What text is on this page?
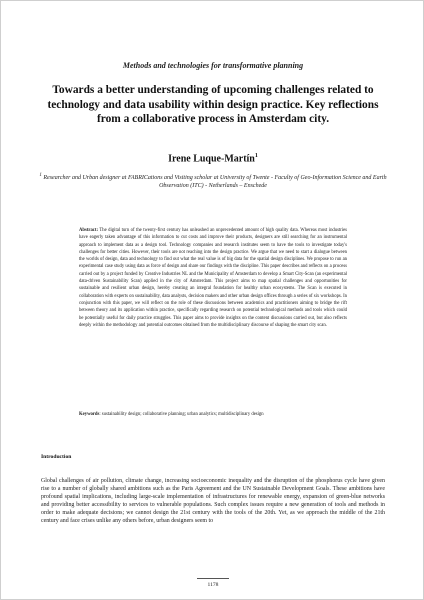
Methods and technologies for transformative planning
Towards a better understanding of upcoming challenges related to technology and data usability within design practice. Key reflections from a collaborative process in Amsterdam city.
Irene Luque-Martín$^1$
$^1$ Researcher and Urban designer at FABRICations and Visiting scholar at University of Twente - Faculty of Geo-Information Science and Earth Observation (ITC) - Netherlands – Enschede
Abstract: The digital turn of the twenty-first century has unleashed an unprecedented amount of high quality data. Whereas most industries have eagerly taken advantage of this information to cut costs and improve their products, designers are still searching for an instrumental approach to implement data as a design tool. Technology companies and research institutes seem to have the tools to investigate today's challenges for better cities. However, their tools are not reaching into the design practice. We argue that we need to start a dialogue between the worlds of design, data and technology to find out what the real value is of big data for the spatial design disciplines. We propose to run an experimental case study using data as force of design and share our findings with the discipline. This paper describes and reflects on a process carried out by a project funded by Creative Industries NL and the Municipality of Amsterdam to develop a Smart City-Scan (an experimental data-driven Sustainability Scan) applied in the city of Amsterdam. This project aims to map spatial challenges and opportunities for sustainable and resilient urban design, hereby creating an integral foundation for healthy urban ecosystems. The Scan is executed in collaboration with experts on sustainability, data analysts, decision makers and other urban design offices through a series of six workshops. In conjunction with this paper, we will reflect on the role of these discussions between academics and practitioners aiming to bridge the rift between theory and its application within practice, specifically regarding research on potential technological methods and tools which could be potentially useful for daily practice struggles. This paper aims to provide insights on the content discussions carried out, but also reflects deeply within the methodology and potential outcomes obtained from the multidisciplinary discourse of shaping the smart city scan.
Keywords: sustainability design; collaborative planning; urban analytics; multidisciplinary design
Introduction
Global challenges of air pollution, climate change, increasing socioeconomic inequality and the disruption of the phosphorus cycle have given rise to a number of globally shared ambitions such as the Paris Agreement and the UN Sustainable Development Goals. These ambitions have profound spatial implications, including large-scale implementation of infrastructures for renewable energy, expansion of green-blue networks and providing better accessibility to services to vulnerable populations. Such complex issues require a new generation of tools and methods in order to make adequate decisions; we cannot design the 21st century with the tools of the 20th. Yet, as we approach the middle of the 21th century and face crises unlike any others before, urban designers seem to
1178
